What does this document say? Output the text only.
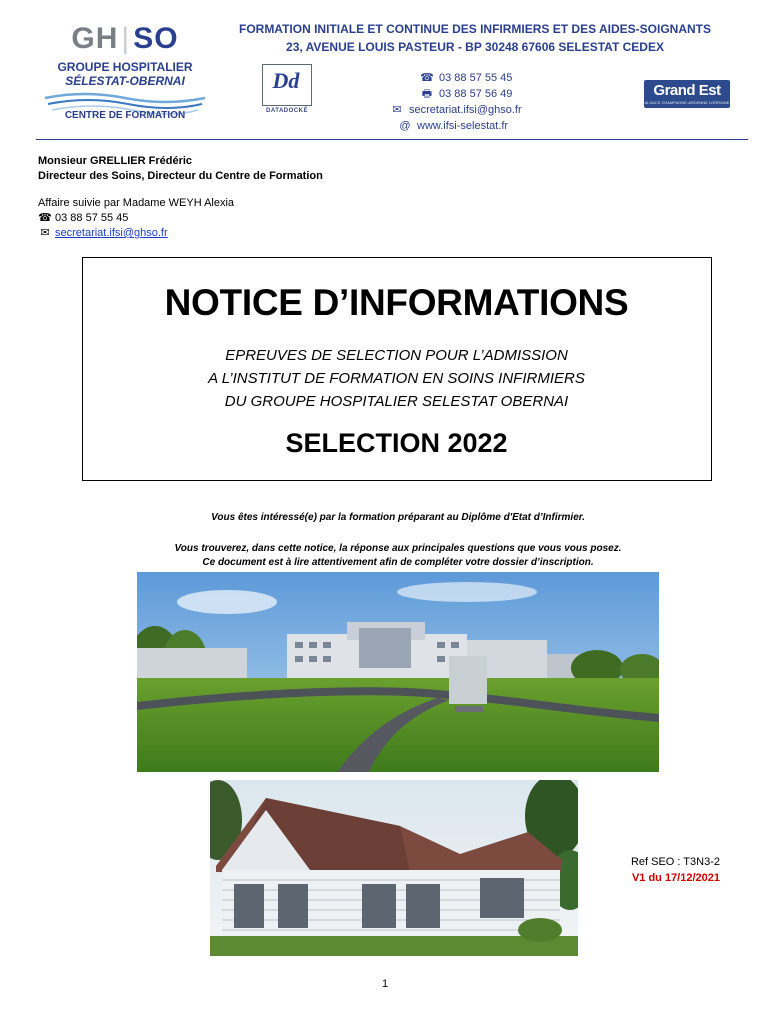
GH | SO
GROUPE HOSPITALIER
SÉLESTAT-OBERNAI
CENTRE DE FORMATION
FORMATION INITIALE ET CONTINUE DES INFIRMIERS ET DES AIDES-SOIGNANTS
23, AVENUE LOUIS PASTEUR - BP 30248 67606 SELESTAT CEDEX
Dd
DATADOCKÉ
☎ 03 88 57 55 45
🖶 03 88 57 56 49
✉ secretariat.ifsi@ghso.fr
@ www.ifsi-selestat.fr
Grand Est
ALSACE CHAMPAGNE-ARDENNE LORRAINE
Monsieur GRELLIER Frédéric
Directeur des Soins, Directeur du Centre de Formation
Affaire suivie par Madame WEYH Alexia
☎ 03 88 57 55 45
✉ secretariat.ifsi@ghso.fr
NOTICE D’INFORMATIONS
EPREUVES DE SELECTION POUR L’ADMISSION
A L’INSTITUT DE FORMATION EN SOINS INFIRMIERS
DU GROUPE HOSPITALIER SELESTAT OBERNAI
SELECTION 2022
Vous êtes intéressé(e) par la formation préparant au Diplôme d'Etat d’Infirmier.
Vous trouverez, dans cette notice, la réponse aux principales questions que vous vous posez.
Ce document est à lire attentivement afin de compléter votre dossier d’inscription.
Ref SEO : T3N3-2
V1 du 17/12/2021
1
